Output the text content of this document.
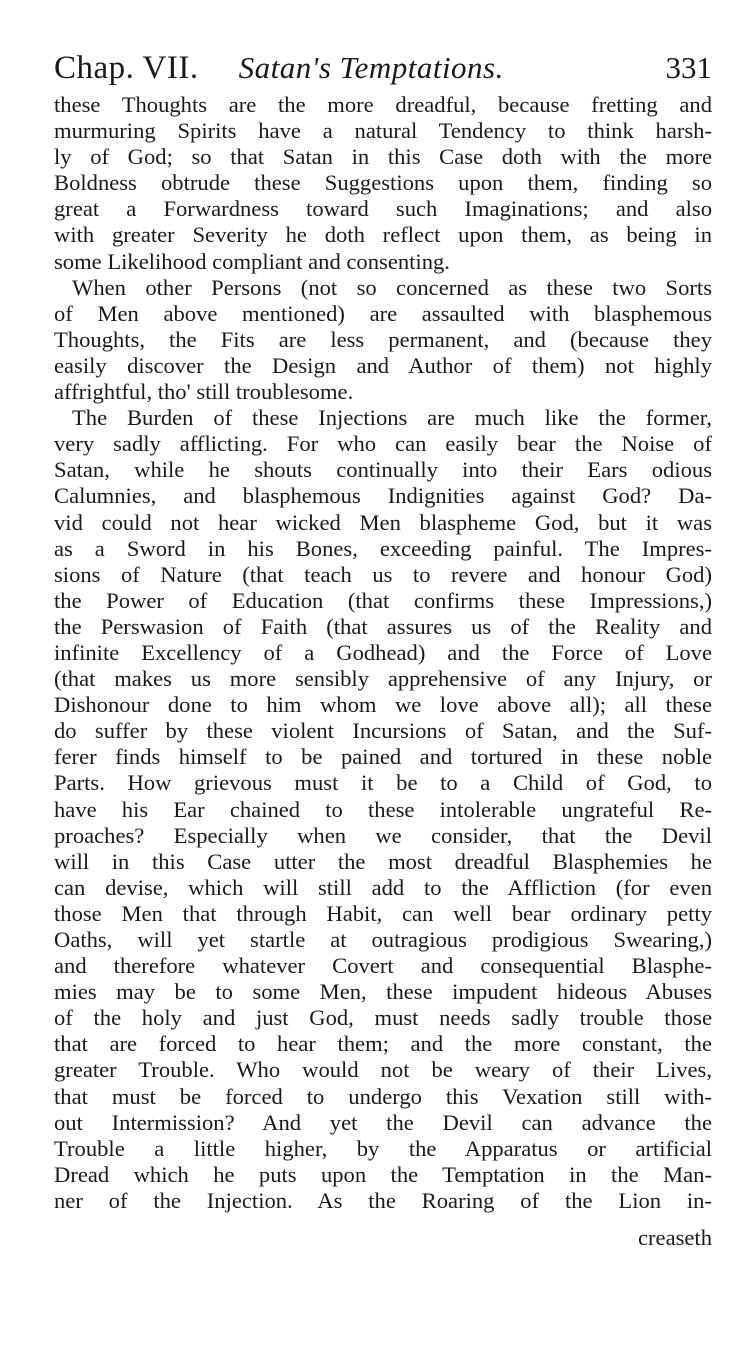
Chap. VII. Satan's Temptations.	331
these Thoughts are the more dreadful, because fretting and
murmuring Spirits have a natural Tendency to think harsh-
ly of God; so that Satan in this Case doth with the more
Boldness obtrude these Suggestions upon them, finding so
great a Forwardness toward such Imaginations; and also
with greater Severity he doth reflect upon them, as being in
some Likelihood compliant and consenting.
When other Persons (not so concerned as these two Sorts
of Men above mentioned) are assaulted with blasphemous
Thoughts, the Fits are less permanent, and (because they
easily discover the Design and Author of them) not highly
affrightful, tho' still troublesome.
The Burden of these Injections are much like the former,
very sadly afflicting. For who can easily bear the Noise of
Satan, while he shouts continually into their Ears odious
Calumnies, and blasphemous Indignities against God? Da-
vid could not hear wicked Men blaspheme God, but it was
as a Sword in his Bones, exceeding painful. The Impres-
sions of Nature (that teach us to revere and honour God)
the Power of Education (that confirms these Impressions,)
the Perswasion of Faith (that assures us of the Reality and
infinite Excellency of a Godhead) and the Force of Love
(that makes us more sensibly apprehensive of any Injury, or
Dishonour done to him whom we love above all); all these
do suffer by these violent Incursions of Satan, and the Suf-
ferer finds himself to be pained and tortured in these noble
Parts. How grievous must it be to a Child of God, to
have his Ear chained to these intolerable ungrateful Re-
proaches? Especially when we consider, that the Devil
will in this Case utter the most dreadful Blasphemies he
can devise, which will still add to the Affliction (for even
those Men that through Habit, can well bear ordinary petty
Oaths, will yet startle at outragious prodigious Swearing,)
and therefore whatever Covert and consequential Blasphe-
mies may be to some Men, these impudent hideous Abuses
of the holy and just God, must needs sadly trouble those
that are forced to hear them; and the more constant, the
greater Trouble. Who would not be weary of their Lives,
that must be forced to undergo this Vexation still with-
out Intermission? And yet the Devil can advance the
Trouble a little higher, by the Apparatus or artificial
Dread which he puts upon the Temptation in the Man-
ner of the Injection. As the Roaring of the Lion in-
creaseth
